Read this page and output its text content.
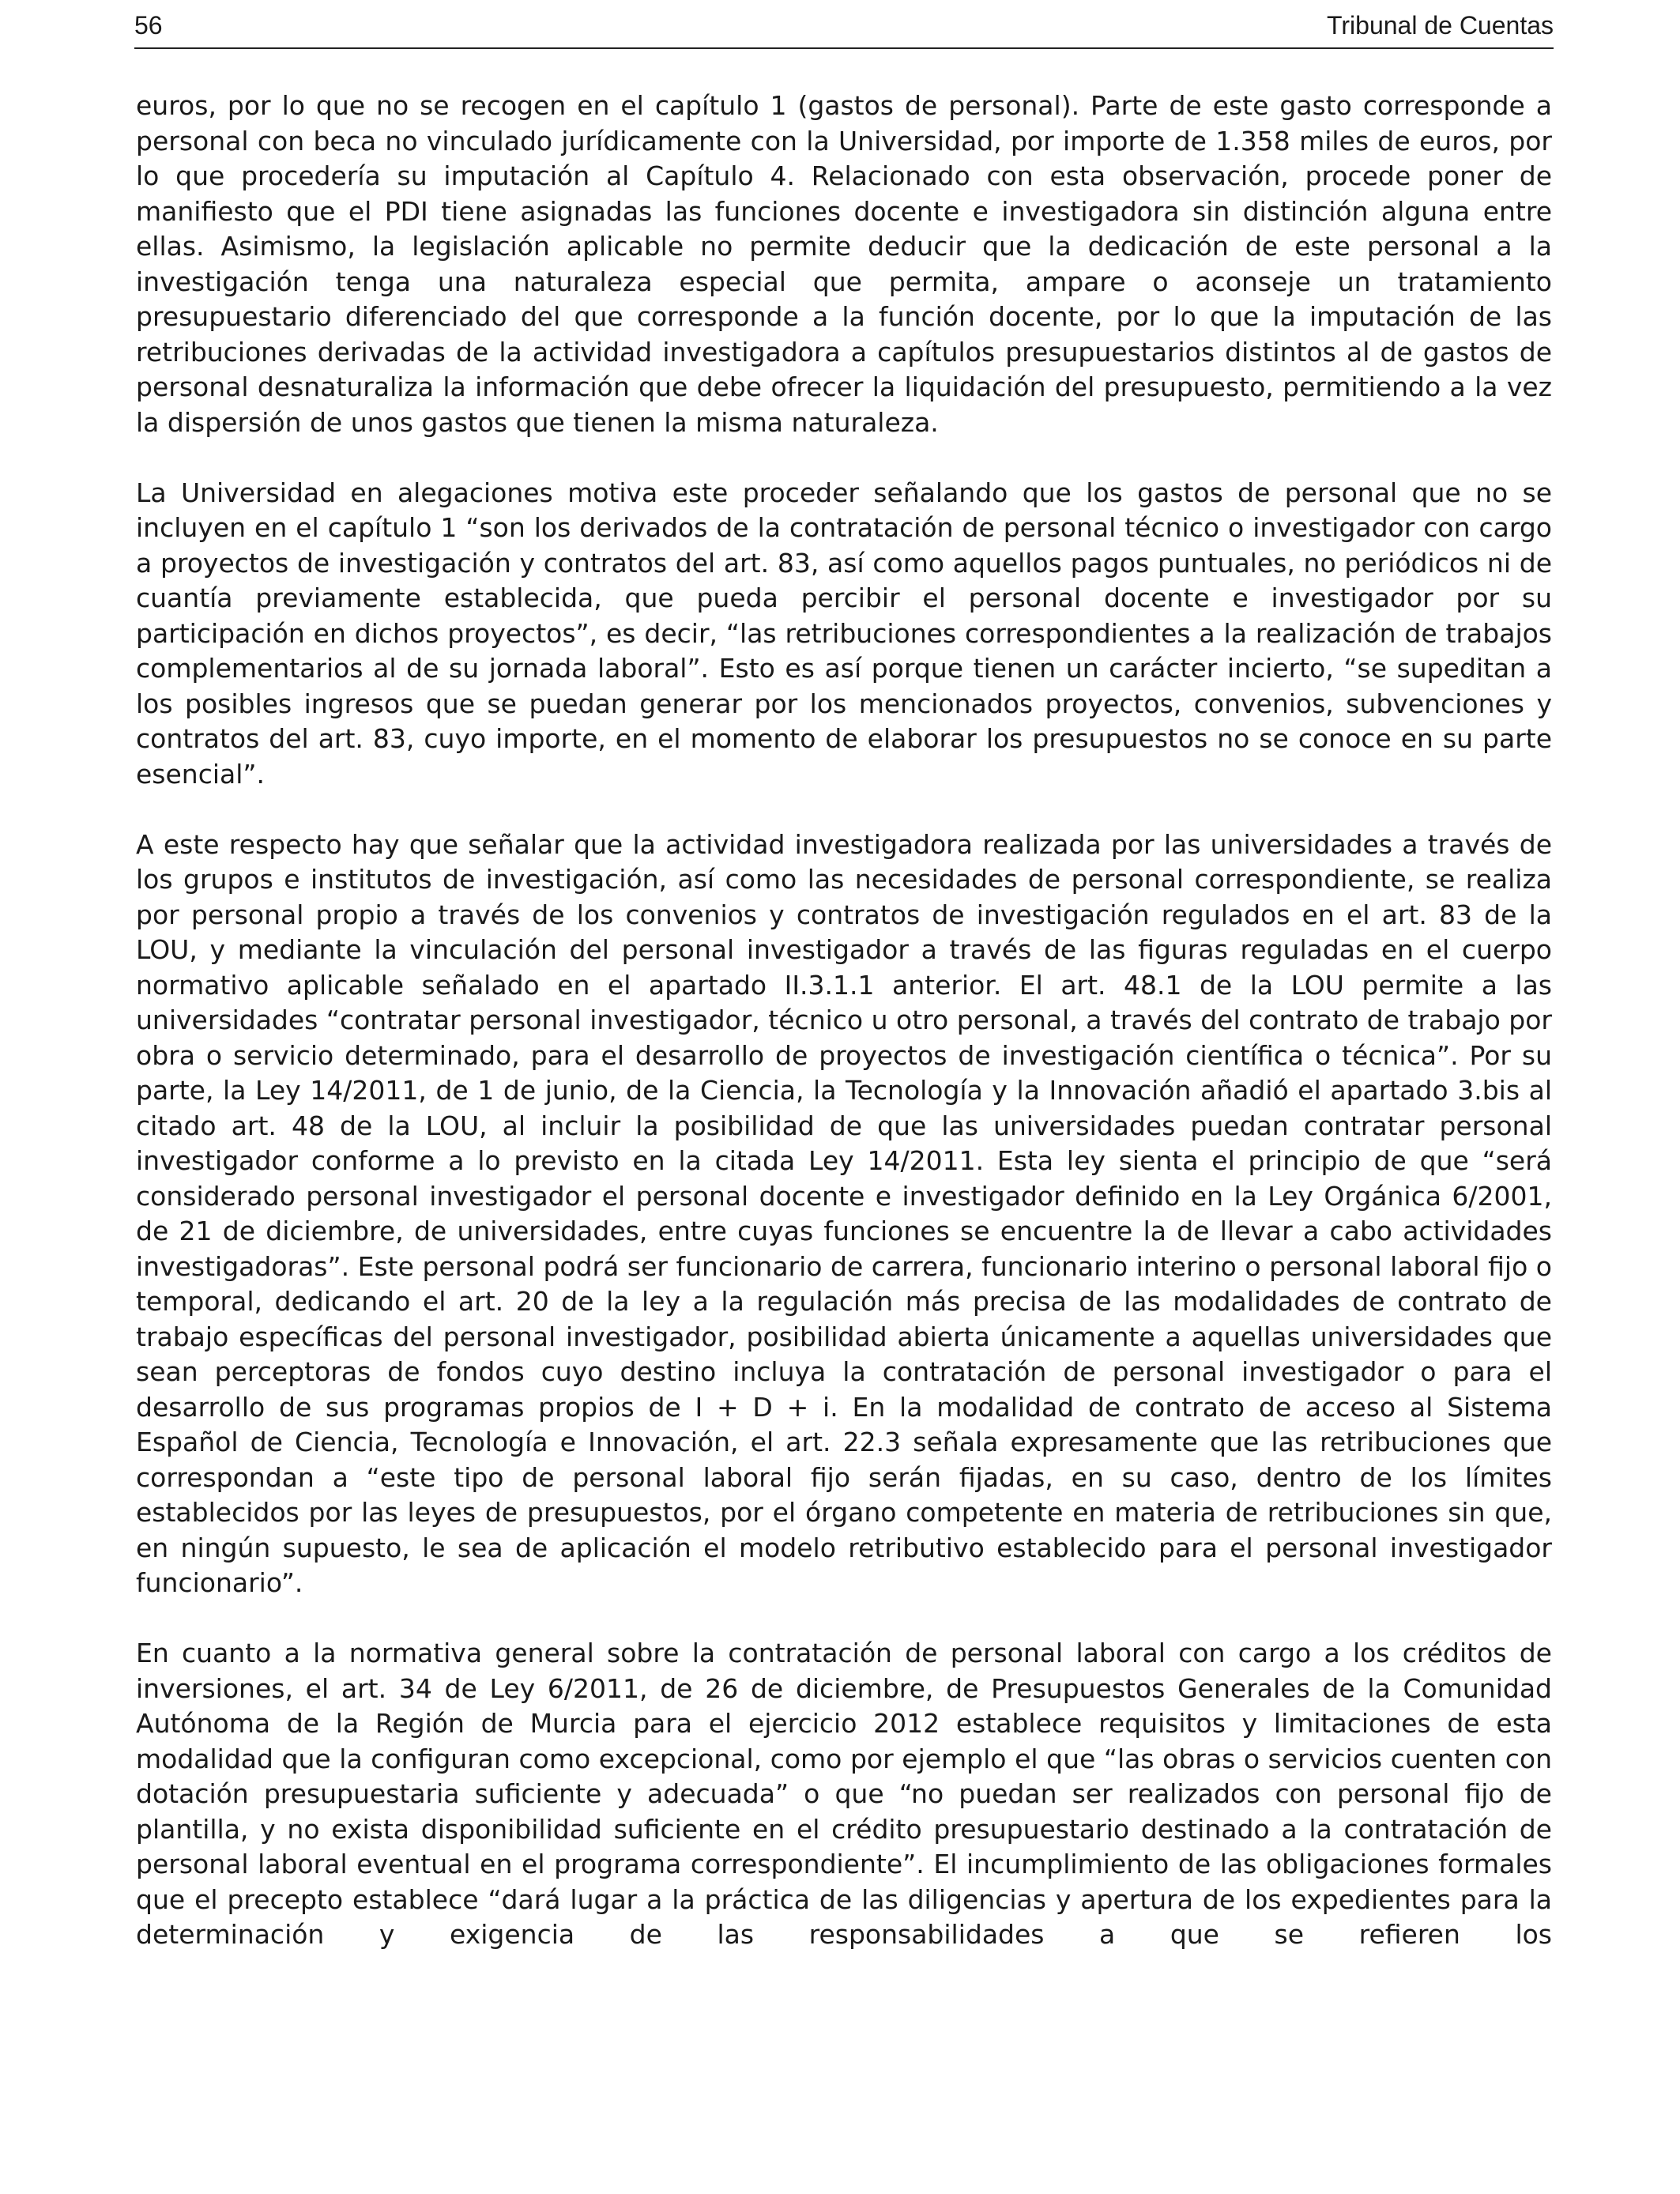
56	Tribunal de Cuentas

euros, por lo que no se recogen en el capítulo 1 (gastos de personal). Parte de este gasto corresponde a personal con beca no vinculado jurídicamente con la Universidad, por importe de 1.358 miles de euros, por lo que procedería su imputación al Capítulo 4. Relacionado con esta observación, procede poner de manifiesto que el PDI tiene asignadas las funciones docente e investigadora sin distinción alguna entre ellas. Asimismo, la legislación aplicable no permite deducir que la dedicación de este personal a la investigación tenga una naturaleza especial que permita, ampare o aconseje un tratamiento presupuestario diferenciado del que corresponde a la función docente, por lo que la imputación de las retribuciones derivadas de la actividad investigadora a capítulos presupuestarios distintos al de gastos de personal desnaturaliza la información que debe ofrecer la liquidación del presupuesto, permitiendo a la vez la dispersión de unos gastos que tienen la misma naturaleza.

La Universidad en alegaciones motiva este proceder señalando que los gastos de personal que no se incluyen en el capítulo 1 “son los derivados de la contratación de personal técnico o investigador con cargo a proyectos de investigación y contratos del art. 83, así como aquellos pagos puntuales, no periódicos ni de cuantía previamente establecida, que pueda percibir el personal docente e investigador por su participación en dichos proyectos”, es decir, “las retribuciones correspondientes a la realización de trabajos complementarios al de su jornada laboral”. Esto es así porque tienen un carácter incierto, “se supeditan a los posibles ingresos que se puedan generar por los mencionados proyectos, convenios, subvenciones y contratos del art. 83, cuyo importe, en el momento de elaborar los presupuestos no se conoce en su parte esencial”.

A este respecto hay que señalar que la actividad investigadora realizada por las universidades a través de los grupos e institutos de investigación, así como las necesidades de personal correspondiente, se realiza por personal propio a través de los convenios y contratos de investigación regulados en el art. 83 de la LOU, y mediante la vinculación del personal investigador a través de las figuras reguladas en el cuerpo normativo aplicable señalado en el apartado II.3.1.1 anterior. El art. 48.1 de la LOU permite a las universidades “contratar personal investigador, técnico u otro personal, a través del contrato de trabajo por obra o servicio determinado, para el desarrollo de proyectos de investigación científica o técnica”. Por su parte, la Ley 14/2011, de 1 de junio, de la Ciencia, la Tecnología y la Innovación añadió el apartado 3.bis al citado art. 48 de la LOU, al incluir la posibilidad de que las universidades puedan contratar personal investigador conforme a lo previsto en la citada Ley 14/2011. Esta ley sienta el principio de que “será considerado personal investigador el personal docente e investigador definido en la Ley Orgánica 6/2001, de 21 de diciembre, de universidades, entre cuyas funciones se encuentre la de llevar a cabo actividades investigadoras”. Este personal podrá ser funcionario de carrera, funcionario interino o personal laboral fijo o temporal, dedicando el art. 20 de la ley a la regulación más precisa de las modalidades de contrato de trabajo específicas del personal investigador, posibilidad abierta únicamente a aquellas universidades que sean perceptoras de fondos cuyo destino incluya la contratación de personal investigador o para el desarrollo de sus programas propios de I + D + i. En la modalidad de contrato de acceso al Sistema Español de Ciencia, Tecnología e Innovación, el art. 22.3 señala expresamente que las retribuciones que correspondan a “este tipo de personal laboral fijo serán fijadas, en su caso, dentro de los límites establecidos por las leyes de presupuestos, por el órgano competente en materia de retribuciones sin que, en ningún supuesto, le sea de aplicación el modelo retributivo establecido para el personal investigador funcionario”.

En cuanto a la normativa general sobre la contratación de personal laboral con cargo a los créditos de inversiones, el art. 34 de Ley 6/2011, de 26 de diciembre, de Presupuestos Generales de la Comunidad Autónoma de la Región de Murcia para el ejercicio 2012 establece requisitos y limitaciones de esta modalidad que la configuran como excepcional, como por ejemplo el que “las obras o servicios cuenten con dotación presupuestaria suficiente y adecuada” o que “no puedan ser realizados con personal fijo de plantilla, y no exista disponibilidad suficiente en el crédito presupuestario destinado a la contratación de personal laboral eventual en el programa correspondiente”. El incumplimiento de las obligaciones formales que el precepto establece “dará lugar a la práctica de las diligencias y apertura de los expedientes para la determinación y exigencia de las responsabilidades a que se refieren los
